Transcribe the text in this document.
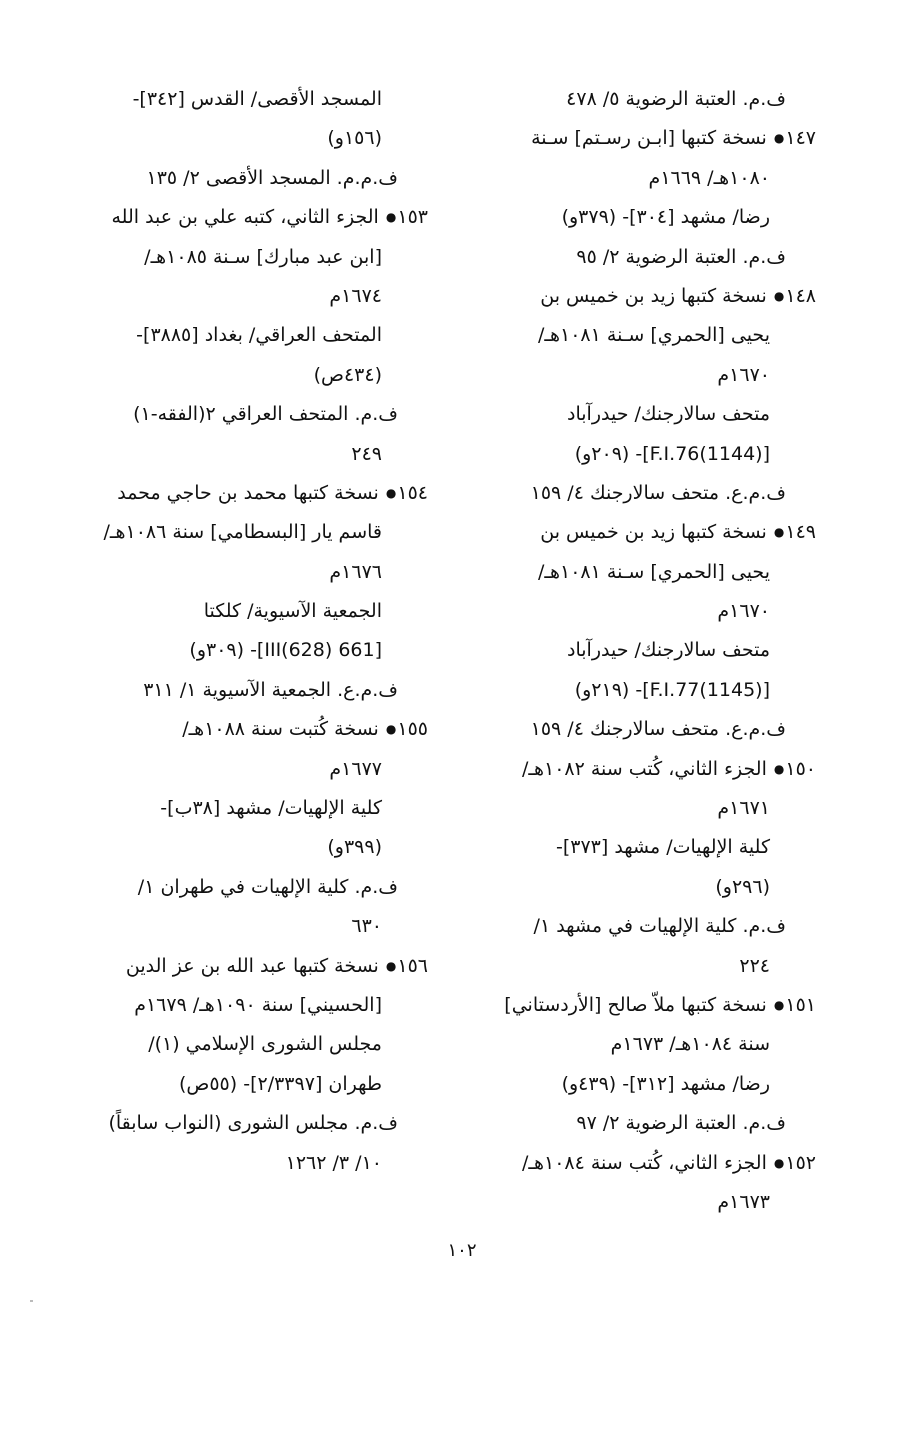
ف.م. العتبة الرضوية ٥/ ٤٧٨
١٤٧● نسخة كتبها [ابـن رسـتم] سـنة
١٠٨٠هـ/ ١٦٦٩م
رضا/ مشهد [٣٠٤]- (٣٧٩و)
ف.م. العتبة الرضوية ٢/ ٩٥
١٤٨● نسخة كتبها زيد بن خميس بن
يحيى [الحمري] سـنة ١٠٨١هـ/
١٦٧٠م
متحف سالارجنك/ حيدرآباد
[(1144)F.I.76]- (٢٠٩و)
ف.م.ع. متحف سالارجنك ٤/ ١٥٩
١٤٩● نسخة كتبها زيد بن خميس بن
يحيى [الحمري] سـنة ١٠٨١هـ/
١٦٧٠م
متحف سالارجنك/ حيدرآباد
[(1145)F.I.77]- (٢١٩و)
ف.م.ع. متحف سالارجنك ٤/ ١٥٩
١٥٠● الجزء الثاني، كُتب سنة ١٠٨٢هـ/
١٦٧١م
كلية الإلهيات/ مشهد [٣٧٣]-
(٢٩٦و)
ف.م. كلية الإلهيات في مشهد ١/
٢٢٤
١٥١● نسخة كتبها ملاّ صالح [الأردستاني]
سنة ١٠٨٤هـ/ ١٦٧٣م
رضا/ مشهد [٣١٢]- (٤٣٩و)
ف.م. العتبة الرضوية ٢/ ٩٧
١٥٢● الجزء الثاني، كُتب سنة ١٠٨٤هـ/
١٦٧٣م
المسجد الأقصى/ القدس [٣٤٢]-
(١٥٦و)
ف.م.م. المسجد الأقصى ٢/ ١٣٥
١٥٣● الجزء الثاني، كتبه علي بن عبد الله
[ابن عبد مبارك] سـنة ١٠٨٥هـ/
١٦٧٤م
المتحف العراقي/ بغداد [٣٨٨٥]-
(٤٣٤ص)
ف.م. المتحف العراقي ٢(الفقه-١)
٢٤٩
١٥٤● نسخة كتبها محمد بن حاجي محمد
قاسم يار [البسطامي] سنة ١٠٨٦هـ/
١٦٧٦م
الجمعية الآسيوية/ كلكتا
[661 III(628)]- (٣٠٩و)
ف.م.ع. الجمعية الآسيوية ١/ ٣١١
١٥٥● نسخة كُتبت سنة ١٠٨٨هـ/
١٦٧٧م
كلية الإلهيات/ مشهد [٣٨ب]-
(٣٩٩و)
ف.م. كلية الإلهيات في طهران ١/
٦٣٠
١٥٦● نسخة كتبها عبد الله بن عز الدين
[الحسيني] سنة ١٠٩٠هـ/ ١٦٧٩م
مجلس الشورى الإسلامي (١)/
طهران [٢/٣٣٩٧]- (٥٥ص)
ف.م. مجلس الشورى (النواب سابقاً)
١٠/ ٣/ ١٢٦٢
١٠٢
